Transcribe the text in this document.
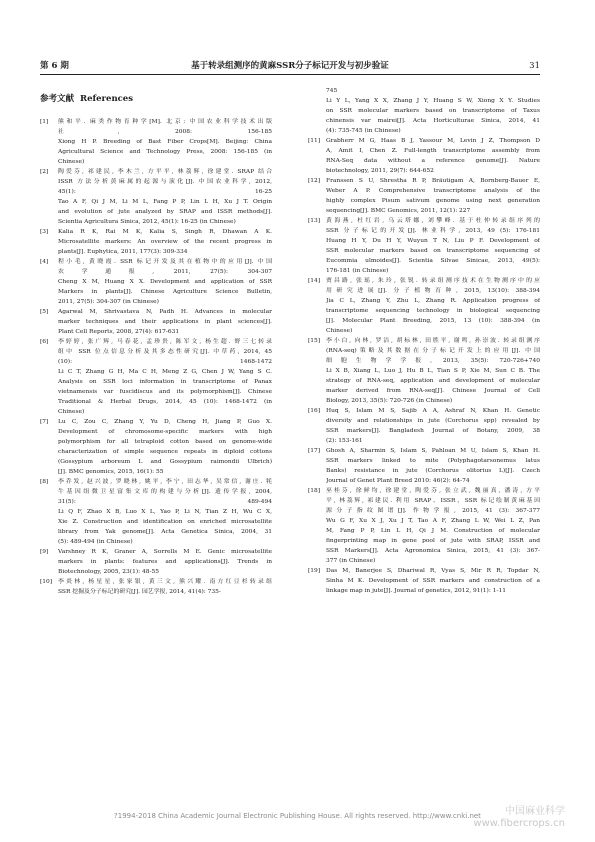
第 6 期	基于转录组测序的黄麻SSR分子标记开发与初步验证	31
参考文献 References
[1] 熊和平. 麻类作物育种学[M]. 北京: 中国农业科学技术出版
社, 2008: 156-185
Xiong H P. Breeding of Bast Fiber Crops[M]. Beijing: China
Agricultural Science and Technology Press, 2008: 156-185 (in
Chinese)
[2] 陶爱芬, 祁建民, 李木兰, 方平平, 林荔辉, 徐建堂. SRAP 结合
ISSR 方法分析黄麻属的起源与演化[J]. 中国农业科学, 2012,
45(1): 16-25
Tao A F, Qi J M, Li M L, Fang P P, Lin L H, Xu J T. Origin
and evolution of jute analyzed by SRAP and ISSR methods[J].
Scientia Agricultura Sinica, 2012, 45(1): 16-25 (in Chinese)
[3] Kalia R K, Rai M K, Kalia S, Singh R, Dhawan A K.
Microsatellite markers: An overview of the recent progress in
plants[J]. Euphytica, 2011, 177(3): 309-334
[4] 程小毛, 黄晓霞. SSR 标记开发及其在植物中的应用[J]. 中国
农学通报, 2011, 27(5): 304-307
Cheng X M, Huang X X. Development and application of SSR
Markers in plants[J]. Chinese Agriculture Science Bulletin,
2011, 27(5): 304-307 (in Chinese)
[5] Agarwal M, Shrivastava N, Padh H. Advances in molecular
marker techniques and their applications in plant sciences[J].
Plant Cell Reports, 2008, 27(4): 617-631
[6] 李婷婷, 张广辉, 马春花, 孟珍贵, 陈军文, 杨生超. 野三七转录
组中 SSR 位点信息分析及其多态性研究[J]. 中草药, 2014, 45
(10): 1468-1472
Li C T, Zhang G H, Ma C H, Meng Z G, Chen J W, Yang S C.
Analysis on SSR loci information in transcriptome of Panax
vietnamensis var fuscidiscus and its polymorphism[J]. Chinese
Traditional & Herbal Drugs, 2014, 45 (10): 1468-1472 (in
Chinese)
[7] Lu C, Zou C, Zhang Y, Yu D, Cheng H, Jiang P, Guo X.
Development of chromosome-specific markers with high
polymorphism for all tetraploid cotton based on genome-wide
characterization of simple sequence repeats in diploid cottons
(Gossypium arboreum L and Gossypium raimondii Ulbrich)
[J]. BMC genomics, 2015, 16(1): 55
[8] 李乔发, 赵兴波, 罗晓林, 姚平, 李宁, 田志华, 吴常信, 谢庄. 牦
牛基因组微卫星富集文库的构建与分析[J]. 遗传学报, 2004,
31(5): 489-494
Li Q F, Zhao X B, Luo X L, Yao P, Li N, Tian Z H, Wu C X,
Xie Z. Construction and identification on enriched microsatellite
library from Yak genome[J]. Acta Genetica Sinica, 2004, 31
(5): 489-494 (in Chinese)
[9] Varshney R K, Graner A, Sorrells M E. Genic microsatellite
markers in plants: features and applications[J]. Trends in
Biotechnology, 2005, 23(1): 48-55
[10] 李炎林, 杨星星, 张家银, 黄三文, 熊兴耀. 南方红豆杉转录组
SSR 挖掘及分子标记的研究[J]. 园艺学报, 2014, 41(4): 735-
745
Li Y L, Yang X X, Zhang J Y, Huang S W, Xiong X Y. Studies
on SSR molecular markers based on transcriptome of Taxus
chinensis var mairei[J]. Acta Horticulturae Sinica, 2014, 41
(4): 735-745 (in Chinese)
[11] Grabherr M G, Haas B J, Yassour M, Levin J Z, Thompson D
A, Amit I, Chen Z. Full-length transcriptome assembly from
RNA-Seq data without a reference genome[J]. Nature
biotechnology, 2011, 29(7): 644-652
[12] Franssen S U, Shrestha R P, Bräutigam A, Bornberg-Bauer E,
Weber A P. Comprehensive transcriptome analysis of the
highly complex Pisum sativum genome using next generation
sequencing[J]. BMC Genomics, 2011, 12(1): 227
[13] 黄海燕, 杜红岩, 乌云塔娜, 刘攀峰. 基于杜仲转录组序列的
SSR 分子标记的开发[J]. 林业科学, 2013, 49 (5): 176-181
Huang H Y, Du H Y, Wuyun T N, Liu P F. Development of
SSR molecular markers based on transcriptome sequencing of
Eucommia ulmoides[J]. Scientia Silvae Sinicae, 2013, 49(5):
176-181 (in Chinese)
[14] 贾昌路, 张瑶, 朱玲, 张锐. 转录组测序技术在生物测序中的应
用研究进展[J]. 分子植物育种, 2015, 13(10): 388-394
Jia C L, Zhang Y, Zhu L, Zhang R. Application progress of
transcriptome sequencing technology in biological sequencing
[J]. Molecular Plant Breeding, 2015, 13 (10): 388-394 (in
Chinese)
[15] 李小白, 向林, 罗洁, 胡标林, 田胜平, 谢鸣, 孙崇波. 转录组测序
(RNA-seq)策略及其数据在分子标记开发上的应用[J]. 中国
细胞生物学学报, 2013, 35(5): 720-726+740
Li X B, Xiang L, Luo J, Hu B L, Tian S P, Xie M, Sun C B. The
strategy of RNA-seq, application and development of molecular
marker derived from RNA-seq[J]. Chinese Journal of Cell
Biology, 2013, 35(5): 720-726 (in Chinese)
[16] Huq S, Islam M S, Sajib A A, Ashraf N, Khan H. Genetic
diversity and relationships in jute (Corchorus spp) revealed by
SSR markers[J]. Bangladesh Journal of Botany, 2009, 38
(2): 153-161
[17] Ghosh A, Sharmin S, Islam S, Pahloan M U, Islam S, Khan H.
SSR markers linked to mite (Polyphagotarsonemus latus
Banks) resistance in jute (Corchorus olitorius L)[J]. Czech
Journal of Genet Plant Breed 2010: 46(2): 64-74
[18] 巫桂芬, 徐鲜均, 徐建堂, 陶爱芬, 张立武, 魏丽真, 潘涛, 方平
平, 林荔辉, 祁建民. 利用 SRAP、ISSR、SSR 标记绘制黄麻基因
源分子指纹图谱[J]. 作物学报, 2015, 41 (3): 367-377
Wu G F, Xu X J, Xu J T, Tao A F, Zhang L W, Wei L Z, Pan
M, Fang P P, Lin L H, Qi J M. Construction of molecular
fingerprinting map in gene pool of jute with SRAP, ISSR and
SSR Markers[J]. Acta Agronomica Sinica, 2015, 41 (3): 367-
377 (in Chinese)
[19] Das M, Banerjee S, Dhariwal R, Vyas S, Mir R R, Topdar N,
Sinha M K. Development of SSR markers and construction of a
linkage map in jute[J]. Journal of genetics, 2012, 91(1): 1-11
?1994-2018 China Academic Journal Electronic Publishing House. All rights reserved. http://www.cnki.net	中国麻业科学
www.fibercrops.cn
